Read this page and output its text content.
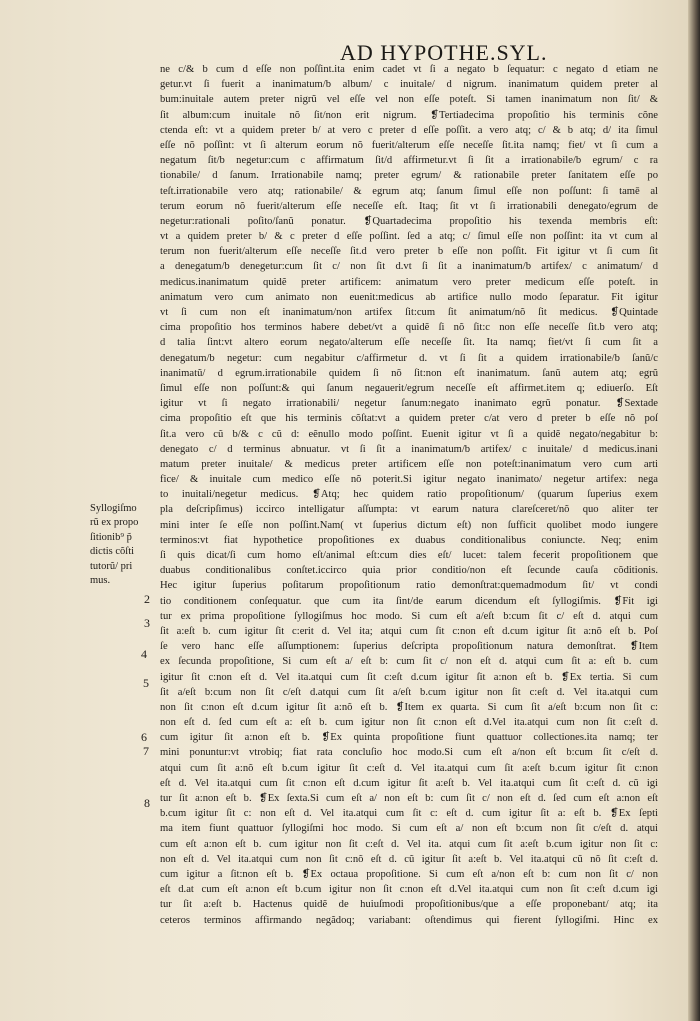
AD HYPOTHE.SYL.
ne c/& b cum d eſſe non poſſint.ita enim cadet vt ſi a negato b ſequatur: c negato d etiam ne
getur.vt ſi fuerit a inanimatum/b album/ c inuitale/ d nigrum. inanimatum quidem preter al
bum:inuitale autem preter nigrũ vel eſſe vel non eſſe poteſt. Si tamen inanimatum non ſit/ &
ſit album:cum inuitale nõ ſit/non erit nigrum. ❡Tertiadecima propoſitio his terminis cõne
ctenda eſt: vt a quidem preter b/ at vero c preter d eſſe poſſit. a vero atq; c/ & b atq; d/ ita ſimul
eſſe nõ poſſint: vt ſi alterum eorum nõ fuerit/alterum eſſe neceſſe ſit.ita namq; fiet/ vt ſi cum a
negatum ſit/b negetur:cum c affirmatum ſit/d affirmetur.vt ſi ſit a irrationabile/b egrum/ c ra
tionabile/ d ſanum. Irrationabile namq; preter egrum/ & rationabile preter ſanitatem eſſe po
teſt.irrationabile vero atq; rationabile/ & egrum atq; ſanum ſimul eſſe non poſſunt: ſi tamē al
terum eorum nõ fuerit/alterum eſſe neceſſe eſt. Itaq; ſit vt ſi irrationabili denegato/egrum de
negetur:rationali poſito/ſanũ ponatur. ❡Quartadecima propoſitio his texenda membris eſt:
vt a quidem preter b/ & c preter d eſſe poſſint. ſed a atq; c/ ſimul eſſe non poſſint: ita vt cum al
terum non fuerit/alterum eſſe neceſſe ſit.d vero preter b eſſe non poſſit. Fit igitur vt ſi cum ſit
a denegatum/b denegetur:cum ſit c/ non ſit d.vt ſi ſit a inanimatum/b artifex/ c animatum/ d
medicus.inanimatum quidẽ preter artificem: animatum vero preter medicum eſſe poteſt. in
animatum vero cum animato non euenit:medicus ab artifice nullo modo ſeparatur. Fit igitur
vt ſi cum non eſt inanimatum/non artifex ſit:cum ſit animatum/nõ ſit medicus. ❡Quintade
cima propoſitio hos terminos habere debet/vt a quidẽ ſi nõ ſit:c non eſſe neceſſe ſit.b vero atq;
d talia ſint:vt altero eorum negato/alterum eſſe neceſſe ſit. Ita namq; fiet/vt ſi cum ſit a
denegatum/b negetur: cum negabitur c/affirmetur d. vt ſi ſit a quidem irrationabile/b ſanũ/c
inanimatũ/ d egrum.irrationabile quidem ſi nõ ſit:non eſt inanimatum. ſanũ autem atq; egrũ
ſimul eſſe non poſſunt:& qui ſanum negauerit/egrum neceſſe eſt affirmet.item q; ediuerſo. Eſt
igitur vt ſi negato irrationabili/ negetur ſanum:negato inanimato egrũ ponatur. ❡Sextade
cima propoſitio eſt que his terminis cõſtat:vt a quidem preter c/at vero d preter b eſſe nõ poſ
ſit.a vero cũ b/& c cũ d: eẽnullo modo poſſint. Euenit igitur vt ſi a quidẽ negato/negabitur b:
denegato c/ d terminus abnuatur. vt ſi ſit a inanimatum/b artifex/ c inuitale/ d medicus.inani
matum preter inuitale/ & medicus preter artificem eſſe non poteſt:inanimatum vero cum arti
fice/ & inuitale cum medico eſſe nõ poterit.Si igitur negato inanimato/ negetur artifex: nega
to inuitali/negetur medicus. ❡Atq; hec quidem ratio propoſitionum/ (quarum ſuperius exem
pla deſcripſimus) iccirco intelligatur aſſumpta: vt earum natura clareſceret/nõ quo aliter ter
mini inter ſe eſſe non poſſint.Nam( vt ſuperius dictum eſt) non ſufficit quolibet modo iungere
terminos:vt fiat hypothetice propoſitiones ex duabus conditionalibus coniuncte. Neq; enim
ſi quis dicat/ſi cum homo eſt/animal eſt:cum dies eſt/ lucet: talem fecerit propoſitionem que
duabus conditionalibus conſtet.iccirco quia prior conditio/non eſt ſecunde cauſa cõditionis.
Hec igitur ſuperius poſitarum propoſitionum ratio demonſtrat:quemadmodum ſit/ vt condi
tio conditionem conſequatur. que cum ita ſint/de earum dicendum eſt ſyllogiſmis. ❡Fit igi
tur ex prima propoſitione ſyllogiſmus hoc modo. Si cum eſt a/eſt b:cum ſit c/ eſt d. atqui cum
ſit a:eſt b. cum igitur ſit c:erit d. Vel ita; atqui cum ſit c:non eſt d.cum igitur ſit a:nõ eſt b. Poſ
ſe vero hanc eſſe aſſumptionem: ſuperius deſcripta propoſitionum natura demonſtrat. ❡Item
ex ſecunda propoſitione, Si cum eſt a/ eſt b: cum ſit c/ non eſt d. atqui cum ſit a: eſt b. cum
igitur ſit c:non eſt d. Vel ita.atqui cum ſit c:eſt d.cum igitur ſit a:non eſt b. ❡Ex tertia. Si cum
ſit a/eſt b:cum non ſit c/eſt d.atqui cum ſit a/eſt b.cum igitur non ſit c:eſt d. Vel ita.atqui cum
non ſit c:non eſt d.cum igitur ſit a:nõ eſt b. ❡Item ex quarta. Si cum ſit a/eſt b:cum non ſit c:
non eſt d. ſed cum eſt a: eſt b. cum igitur non ſit c:non eſt d.Vel ita.atqui cum non ſit c:eſt d.
cum igitur ſit a:non eſt b. ❡Ex quinta propoſitione fiunt quattuor collectiones.ita namq; ter
mini ponuntur:vt vtrobiq; fiat rata concluſio hoc modo.Si cum eſt a/non eſt b:cum ſit c/eſt d.
atqui cum ſit a:nõ eſt b.cum igitur ſit c:eſt d. Vel ita.atqui cum ſit a:eſt b.cum igitur ſit c:non
eſt d. Vel ita.atqui cum ſit c:non eſt d.cum igitur ſit a:eſt b. Vel ita.atqui cum ſit c:eſt d. cũ igi
tur ſit a:non eſt b. ❡Ex ſexta.Si cum eſt a/ non eſt b: cum ſit c/ non eſt d. ſed cum eſt a:non eſt
b.cum igitur ſit c: non eſt d. Vel ita.atqui cum ſit c: eſt d. cum igitur ſit a: eſt b. ❡Ex ſepti
ma item fiunt quattuor ſyllogiſmi hoc modo. Si cum eſt a/ non eſt b:cum non ſit c/eſt d. atqui
cum eſt a:non eſt b. cum igitur non ſit c:eſt d. Vel ita. atqui cum ſit a:eſt b.cum igitur non ſit c:
non eſt d. Vel ita.atqui cum non ſit c:nõ eſt d. cũ igitur ſit a:eſt b. Vel ita.atqui cũ nõ ſit c:eſt d.
cum igitur a ſit:non eſt b. ❡Ex octaua propoſitione. Si cum eſt a/non eſt b: cum non ſit c/ non
eſt d.at cum eſt a:non eſt b.cum igitur non ſit c:non eſt d.Vel ita.atqui cum non ſit c:eſt d.cum igi
tur ſit a:eſt b. Hactenus quidẽ de huiuſmodi propoſitionibus/que a eſſe proponebant/ atq; ita
ceteros terminos affirmando negãdoq; variabant: oſtendimus qui fierent ſyllogiſmi. Hinc ex
Syllogiſmo
rũ ex propo
ſitionib⁹ p̃
dictis cõſti
tutorũ/ pri
mus.
2
3
4
5
6
7
8
